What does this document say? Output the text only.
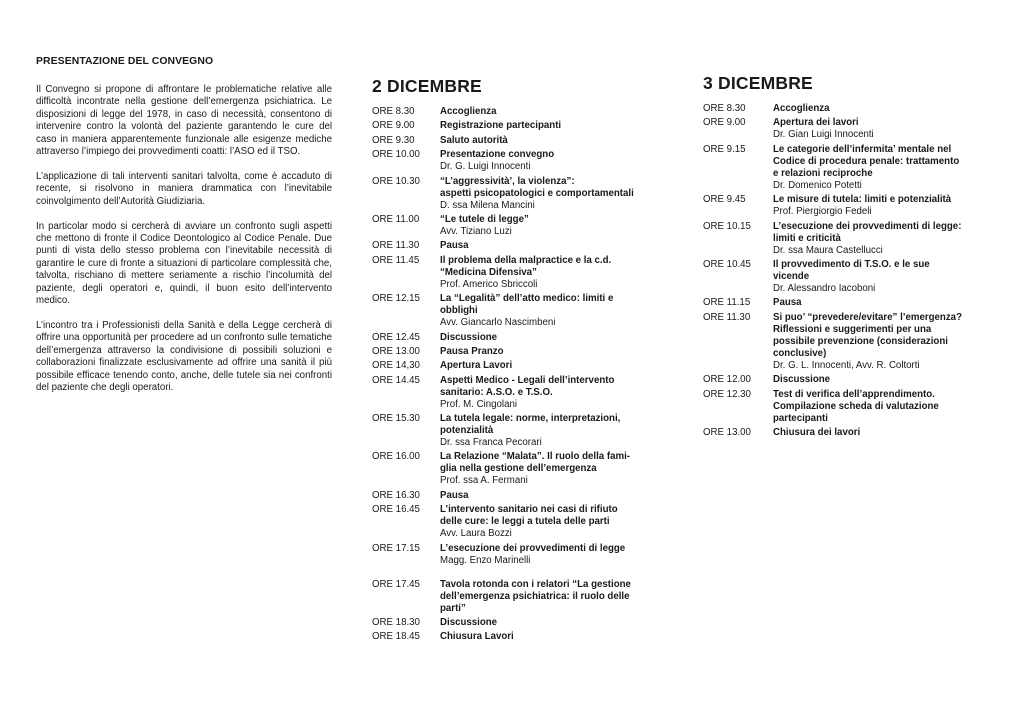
PRESENTAZIONE DEL CONVEGNO

Il Convegno si propone di affrontare le problematiche relative alle difficoltà incontrate nella gestione dell’emergenza psichiatrica. Le disposizioni di legge del 1978, in caso di necessità, consentono di intervenire contro la volontà del paziente garantendo le cure del caso in maniera apparentemente funzionale alle esigenze mediche attraverso l’impiego dei provvedimenti coatti: l’ASO ed il TSO.

L’applicazione di tali interventi sanitari talvolta, come è accaduto di recente, si risolvono in maniera drammatica con l’inevitabile coinvolgimento dell’Autorità Giudiziaria.

In particolar modo si cercherà di avviare un confronto sugli aspetti che mettono di fronte il Codice Deontologico al Codice Penale. Due punti di vista dello stesso problema con l’inevitabile necessità di garantire le cure di fronte a situazioni di particolare complessità che, talvolta, rischiano di mettere seriamente a rischio l’incolumità del paziente, degli operatori e, quindi, il buon esito dell’intervento medico.

L’incontro tra i Professionisti della Sanità e della Legge cercherà di offrire una opportunità per procedere ad un confronto sulle tematiche dell’emergenza attraverso la condivisione di possibili soluzioni e collaborazioni finalizzate esclusivamente ad offrire una sanità il più possibile efficace tenendo conto, anche, delle tutele sia nei confronti del paziente che degli operatori.

2 DICEMBRE
ORE 8.30	Accoglienza
ORE 9.00	Registrazione partecipanti
ORE 9.30	Saluto autorità
ORE 10.00	Presentazione convegno
Dr. G. Luigi Innocenti
ORE 10.30	“L’aggressività’, la violenza”:
aspetti psicopatologici e comportamentali
D. ssa Milena Mancini
ORE 11.00	“Le tutele di legge”
Avv. Tiziano Luzi
ORE 11.30	Pausa
ORE 11.45	Il problema della malpractice e la c.d.
“Medicina Difensiva”
Prof. Americo Sbriccoli
ORE 12.15	La “Legalità” dell’atto medico: limiti e
obblighi
Avv. Giancarlo Nascimbeni
ORE 12.45	Discussione
ORE 13.00	Pausa Pranzo
ORE 14,30	Apertura Lavori
ORE 14.45	Aspetti Medico - Legali dell’intervento
sanitario: A.S.O. e T.S.O.
Prof. M. Cingolani
ORE 15.30	La tutela legale: norme, interpretazioni,
potenzialità
Dr. ssa Franca Pecorari
ORE 16.00	La Relazione “Malata”. Il ruolo della fami-
glia nella gestione dell’emergenza
Prof. ssa A. Fermani
ORE 16.30	Pausa
ORE 16.45	L’intervento sanitario nei casi di rifiuto
delle cure: le leggi a tutela delle parti
Avv. Laura Bozzi
ORE 17.15	L’esecuzione dei provvedimenti di legge
Magg. Enzo Marinelli
ORE 17.45	Tavola rotonda con i relatori “La gestione
dell’emergenza psichiatrica: il ruolo delle
parti”
ORE 18.30	Discussione
ORE 18.45	Chiusura Lavori
3 DICEMBRE
ORE 8.30	Accoglienza
ORE 9.00	Apertura dei lavori
Dr. Gian Luigi Innocenti
ORE 9.15	Le categorie dell’infermita’ mentale nel
Codice di procedura penale: trattamento
e relazioni reciproche
Dr. Domenico Potetti
ORE 9.45	Le misure di tutela: limiti e potenzialità
Prof. Piergiorgio Fedeli
ORE 10.15	L’esecuzione dei provvedimenti di legge:
limiti e criticità
Dr. ssa Maura Castellucci
ORE 10.45	Il provvedimento di T.S.O. e le sue
vicende
Dr. Alessandro Iacoboni
ORE 11.15	Pausa
ORE 11.30	Si puo’ “prevedere/evitare” l’emergenza?
Riflessioni e suggerimenti per una
possibile prevenzione (considerazioni
conclusive)
Dr. G. L. Innocenti, Avv. R. Coltorti
ORE 12.00	Discussione
ORE 12.30	Test di verifica dell’apprendimento.
Compilazione scheda di valutazione
partecipanti
ORE 13.00	Chiusura dei lavori
